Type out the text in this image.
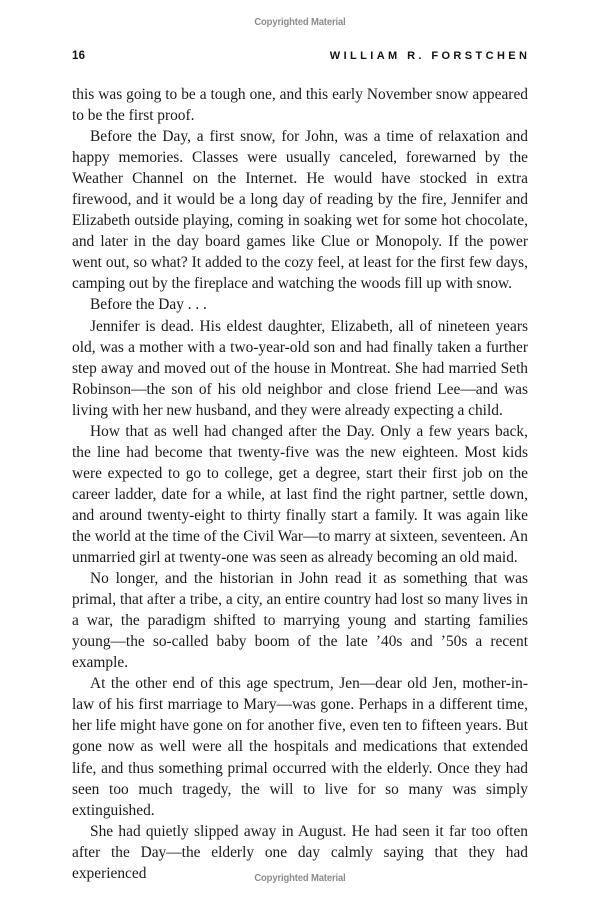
Copyrighted Material
16	WILLIAM R. FORSTCHEN

this was going to be a tough one, and this early November snow appeared to be the first proof.

Before the Day, a first snow, for John, was a time of relaxation and happy memories. Classes were usually canceled, forewarned by the Weather Channel on the Internet. He would have stocked in extra firewood, and it would be a long day of reading by the fire, Jennifer and Elizabeth outside playing, coming in soaking wet for some hot chocolate, and later in the day board games like Clue or Monopoly. If the power went out, so what? It added to the cozy feel, at least for the first few days, camping out by the fireplace and watching the woods fill up with snow.

Before the Day . . .

Jennifer is dead. His eldest daughter, Elizabeth, all of nineteen years old, was a mother with a two-year-old son and had finally taken a further step away and moved out of the house in Montreat. She had married Seth Robinson—the son of his old neighbor and close friend Lee—and was living with her new husband, and they were already expecting a child.

How that as well had changed after the Day. Only a few years back, the line had become that twenty-five was the new eighteen. Most kids were expected to go to college, get a degree, start their first job on the career ladder, date for a while, at last find the right partner, settle down, and around twenty-eight to thirty finally start a family. It was again like the world at the time of the Civil War—to marry at sixteen, seventeen. An unmarried girl at twenty-one was seen as already becoming an old maid.

No longer, and the historian in John read it as something that was primal, that after a tribe, a city, an entire country had lost so many lives in a war, the paradigm shifted to marrying young and starting families young—the so-called baby boom of the late ’40s and ’50s a recent example.

At the other end of this age spectrum, Jen—dear old Jen, mother-in-law of his first marriage to Mary—was gone. Perhaps in a different time, her life might have gone on for another five, even ten to fifteen years. But gone now as well were all the hospitals and medications that extended life, and thus something primal occurred with the elderly. Once they had seen too much tragedy, the will to live for so many was simply extinguished.

She had quietly slipped away in August. He had seen it far too often after the Day—the elderly one day calmly saying that they had experienced	Copyrighted Material
